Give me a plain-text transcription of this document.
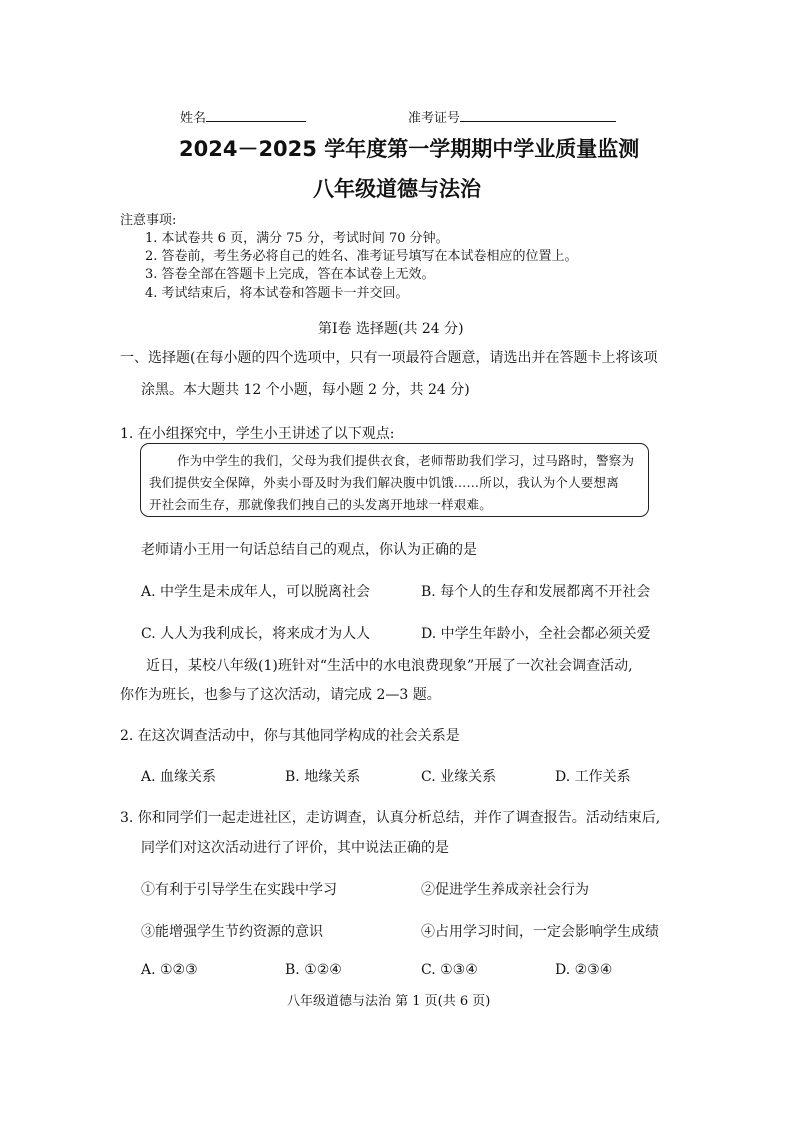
姓名	准考证号
2024－2025 学年度第一学期期中学业质量监测
八年级道德与法治
注意事项:
1. 本试卷共 6 页，满分 75 分，考试时间 70 分钟。
2. 答卷前，考生务必将自己的姓名、准考证号填写在本试卷相应的位置上。
3. 答卷全部在答题卡上完成，答在本试卷上无效。
4. 考试结束后，将本试卷和答题卡一并交回。
第Ⅰ卷 选择题(共 24 分)
一、选择题(在每小题的四个选项中，只有一项最符合题意，请选出并在答题卡上将该项
涂黑。本大题共 12 个小题，每小题 2 分，共 24 分)
1. 在小组探究中，学生小王讲述了以下观点:
作为中学生的我们，父母为我们提供衣食，老师帮助我们学习，过马路时，警察为
我们提供安全保障，外卖小哥及时为我们解决腹中饥饿……所以，我认为个人要想离
开社会而生存，那就像我们拽自己的头发离开地球一样艰难。
老师请小王用一句话总结自己的观点，你认为正确的是
A. 中学生是未成年人，可以脱离社会	B. 每个人的生存和发展都离不开社会
C. 人人为我利成长，将来成才为人人	D. 中学生年龄小，全社会都必须关爱
近日，某校八年级(1)班针对“生活中的水电浪费现象”开展了一次社会调查活动,
你作为班长，也参与了这次活动，请完成 2—3 题。
2. 在这次调查活动中，你与其他同学构成的社会关系是
A. 血缘关系	B. 地缘关系	C. 业缘关系	D. 工作关系
3. 你和同学们一起走进社区，走访调查，认真分析总结，并作了调查报告。活动结束后,
同学们对这次活动进行了评价，其中说法正确的是
①有利于引导学生在实践中学习	②促进学生养成亲社会行为
③能增强学生节约资源的意识	④占用学习时间，一定会影响学生成绩
A. ①②③	B. ①②④	C. ①③④	D. ②③④
八年级道德与法治 第 1 页(共 6 页)
